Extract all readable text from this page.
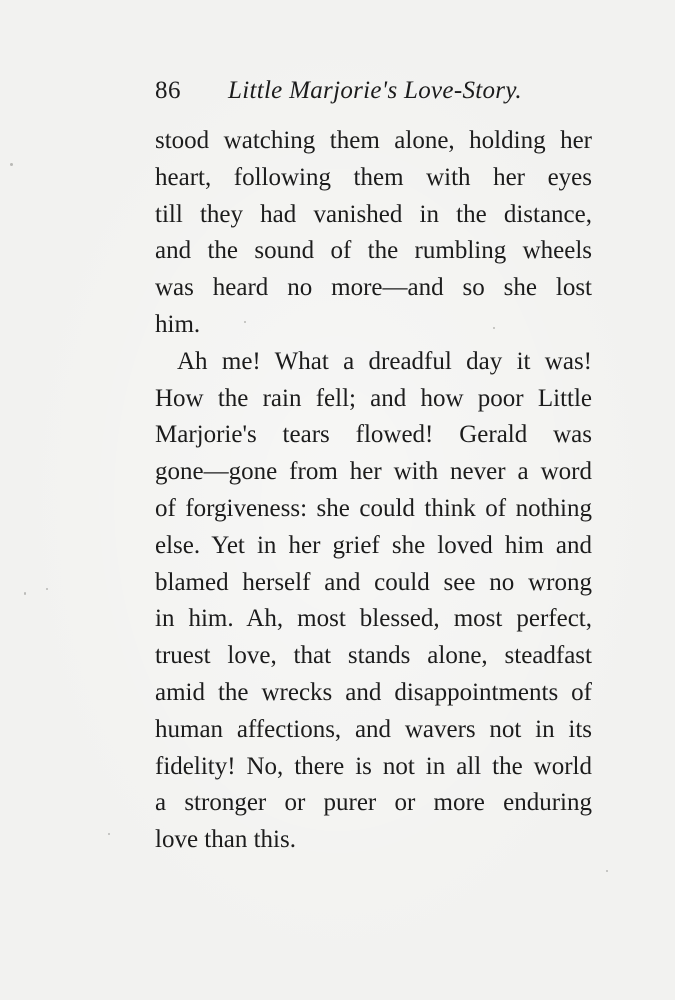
86 Little Marjorie's Love-Story.
stood watching them alone, holding her
heart, following them with her eyes
till they had vanished in the distance,
and the sound of the rumbling wheels
was heard no more—and so she lost
him.
Ah me! What a dreadful day it was!
How the rain fell; and how poor Little
Marjorie's tears flowed! Gerald was
gone—gone from her with never a word
of forgiveness: she could think of nothing
else. Yet in her grief she loved him and
blamed herself and could see no wrong
in him. Ah, most blessed, most perfect,
truest love, that stands alone, steadfast
amid the wrecks and disappointments of
human affections, and wavers not in its
fidelity! No, there is not in all the world
a stronger or purer or more enduring
love than this.
